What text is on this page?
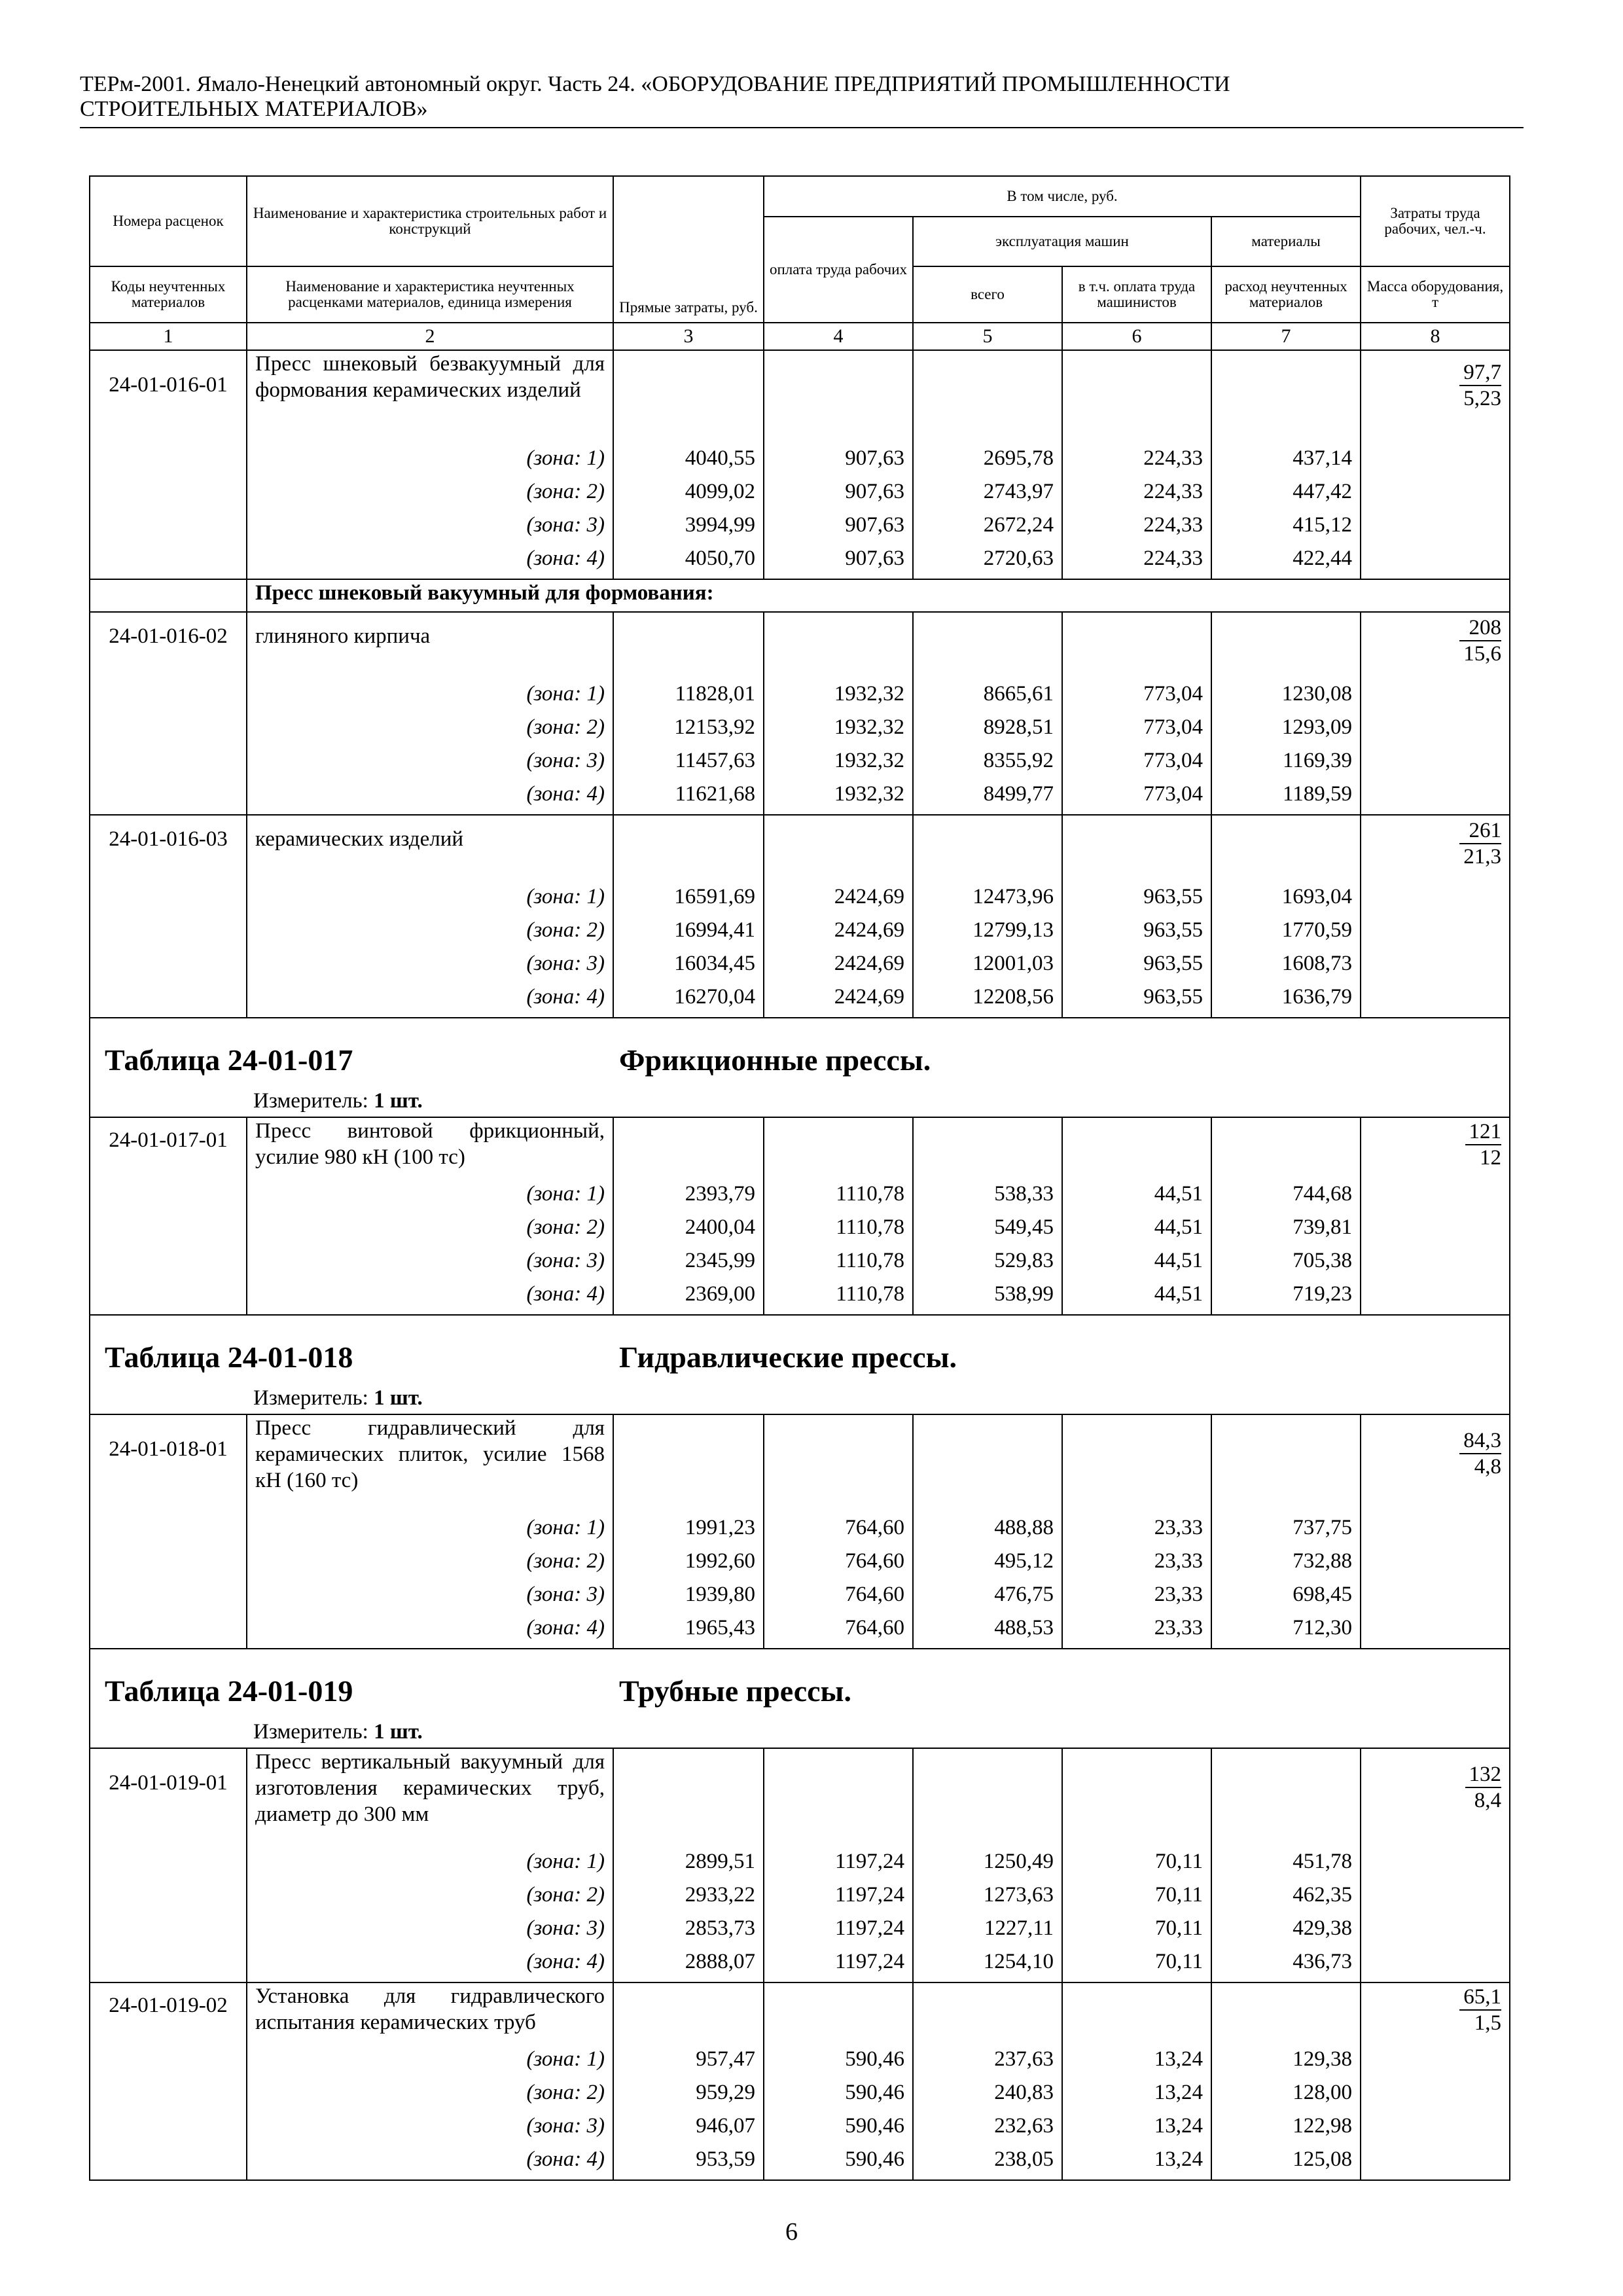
ТЕРм-2001. Ямало-Ненецкий автономный округ. Часть 24. «ОБОРУДОВАНИЕ ПРЕДПРИЯТИЙ ПРОМЫШЛЕННОСТИ
СТРОИТЕЛЬНЫХ МАТЕРИАЛОВ»
Номера расценок	Наименование и характеристика строительных работ и конструкций	Прямые затраты, руб.	В том числе, руб.				Затраты труда рабочих, чел.-ч.
			оплата труда рабочих	эксплуатация машин		материалы	
Коды неучтенных материалов	Наименование и характеристика неучтенных расценками материалов, единица измерения			всего	в т.ч. оплата труда машинистов	расход неучтенных материалов	Масса оборудования, т
1	2	3	4	5	6	7	8
24-01-016-01	Пресс шнековый безвакуумный для формования керамических изделий						$\frac{97,7}{5,23}$

	(зона: 1)	4040,55	907,63	2695,78	224,33	437,14	
	(зона: 2)	4099,02	907,63	2743,97	224,33	447,42	
	(зона: 3)	3994,99	907,63	2672,24	224,33	415,12	
	(зона: 4)	4050,70	907,63	2720,63	224,33	422,44	
	Пресс шнековый вакуумный для формования:						
24-01-016-02	глиняного кирпича						$\frac{208}{15,6}$

	(зона: 1)	11828,01	1932,32	8665,61	773,04	1230,08	
	(зона: 2)	12153,92	1932,32	8928,51	773,04	1293,09	
	(зона: 3)	11457,63	1932,32	8355,92	773,04	1169,39	
	(зона: 4)	11621,68	1932,32	8499,77	773,04	1189,59	
24-01-016-03	керамических изделий						$\frac{261}{21,3}$

	(зона: 1)	16591,69	2424,69	12473,96	963,55	1693,04	
	(зона: 2)	16994,41	2424,69	12799,13	963,55	1770,59	
	(зона: 3)	16034,45	2424,69	12001,03	963,55	1608,73	
	(зона: 4)	16270,04	2424,69	12208,56	963,55	1636,79	

Таблица 24-01-017 Фрикционные прессы.
Измеритель: 1 шт.							

24-01-017-01	Пресс винтовой фрикционный, усилие 980 кН (100 тс)						$\frac{121}{12}$

	(зона: 1)	2393,79	1110,78	538,33	44,51	744,68	
	(зона: 2)	2400,04	1110,78	549,45	44,51	739,81	
	(зона: 3)	2345,99	1110,78	529,83	44,51	705,38	
	(зона: 4)	2369,00	1110,78	538,99	44,51	719,23	

Таблица 24-01-018 Гидравлические прессы.
Измеритель: 1 шт.							

24-01-018-01	Пресс гидравлический для керамических плиток, усилие 1568 кН (160 тс)						$\frac{84,3}{4,8}$

	(зона: 1)	1991,23	764,60	488,88	23,33	737,75	
	(зона: 2)	1992,60	764,60	495,12	23,33	732,88	
	(зона: 3)	1939,80	764,60	476,75	23,33	698,45	
	(зона: 4)	1965,43	764,60	488,53	23,33	712,30	

Таблица 24-01-019 Трубные прессы.
Измеритель: 1 шт.							

24-01-019-01	Пресс вертикальный вакуумный для изготовления керамических труб, диаметр до 300 мм						$\frac{132}{8,4}$

	(зона: 1)	2899,51	1197,24	1250,49	70,11	451,78	
	(зона: 2)	2933,22	1197,24	1273,63	70,11	462,35	
	(зона: 3)	2853,73	1197,24	1227,11	70,11	429,38	
	(зона: 4)	2888,07	1197,24	1254,10	70,11	436,73	
24-01-019-02	Установка для гидравлического испытания керамических труб						$\frac{65,1}{1,5}$

	(зона: 1)	957,47	590,46	237,63	13,24	129,38	
	(зона: 2)	959,29	590,46	240,83	13,24	128,00	
	(зона: 3)	946,07	590,46	232,63	13,24	122,98	
	(зона: 4)	953,59	590,46	238,05	13,24	125,08	
6
